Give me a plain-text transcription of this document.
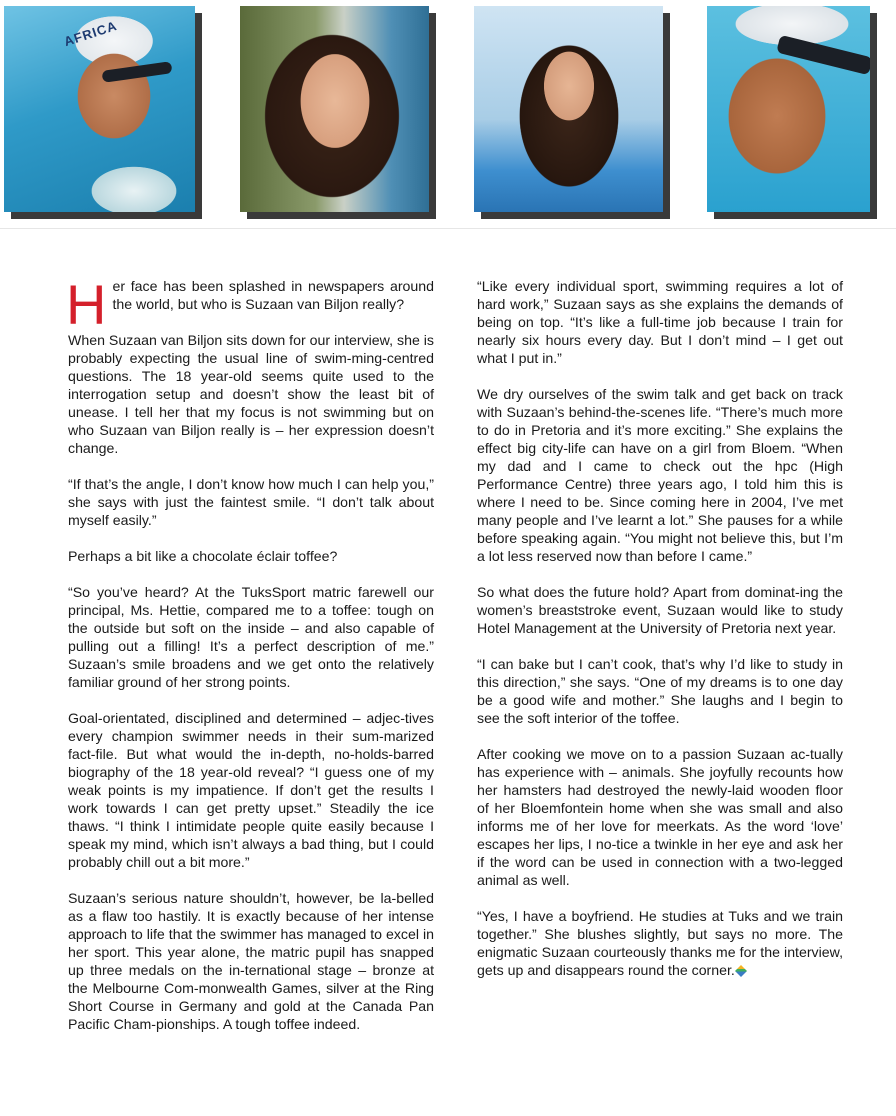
AFRICA

H er face has been splashed in newspapers around the world, but who is Suzaan van Biljon really?

When Suzaan van Biljon sits down for our interview, she is probably expecting the usual line of swim-ming-centred questions. The 18 year-old seems quite used to the interrogation setup and doesn’t show the least bit of unease. I tell her that my focus is not swimming but on who Suzaan van Biljon really is – her expression doesn’t change.

“If that’s the angle, I don’t know how much I can help you,” she says with just the faintest smile. “I don’t talk about myself easily.”

Perhaps a bit like a chocolate éclair toffee?

“So you’ve heard? At the TuksSport matric farewell our principal, Ms. Hettie, compared me to a toffee: tough on the outside but soft on the inside – and also capable of pulling out a filling! It’s a perfect description of me.” Suzaan’s smile broadens and we get onto the relatively familiar ground of her strong points.

Goal-orientated, disciplined and determined – adjec-tives every champion swimmer needs in their sum-marized fact-file. But what would the in-depth, no-holds-barred biography of the 18 year-old reveal? “I guess one of my weak points is my impatience. If don’t get the results I work towards I can get pretty upset.” Steadily the ice thaws. “I think I intimidate people quite easily because I speak my mind, which isn’t always a bad thing, but I could probably chill out a bit more.”

Suzaan’s serious nature shouldn’t, however, be la-belled as a flaw too hastily. It is exactly because of her intense approach to life that the swimmer has managed to excel in her sport. This year alone, the matric pupil has snapped up three medals on the in-ternational stage – bronze at the Melbourne Com-monwealth Games, silver at the Ring Short Course in Germany and gold at the Canada Pan Pacific Cham-pionships. A tough toffee indeed.

“Like every individual sport, swimming requires a lot of hard work,” Suzaan says as she explains the demands of being on top. “It’s like a full-time job because I train for nearly six hours every day. But I don’t mind – I get out what I put in.”

We dry ourselves of the swim talk and get back on track with Suzaan’s behind-the-scenes life. “There’s much more to do in Pretoria and it’s more exciting.” She explains the effect big city-life can have on a girl from Bloem. “When my dad and I came to check out the hpc (High Performance Centre) three years ago, I told him this is where I need to be. Since coming here in 2004, I’ve met many people and I’ve learnt a lot.” She pauses for a while before speaking again. “You might not believe this, but I’m a lot less reserved now than before I came.”

So what does the future hold? Apart from dominat-ing the women’s breaststroke event, Suzaan would like to study Hotel Management at the University of Pretoria next year.

“I can bake but I can’t cook, that’s why I’d like to study in this direction,” she says. “One of my dreams is to one day be a good wife and mother.” She laughs and I begin to see the soft interior of the toffee.

After cooking we move on to a passion Suzaan ac-tually has experience with – animals. She joyfully recounts how her hamsters had destroyed the newly-laid wooden floor of her Bloemfontein home when she was small and also informs me of her love for meerkats. As the word ‘love’ escapes her lips, I no-tice a twinkle in her eye and ask her if the word can be used in connection with a two-legged animal as well.

“Yes, I have a boyfriend. He studies at Tuks and we train together.” She blushes slightly, but says no more. The enigmatic Suzaan courteously thanks me for the interview, gets up and disappears round the corner.
